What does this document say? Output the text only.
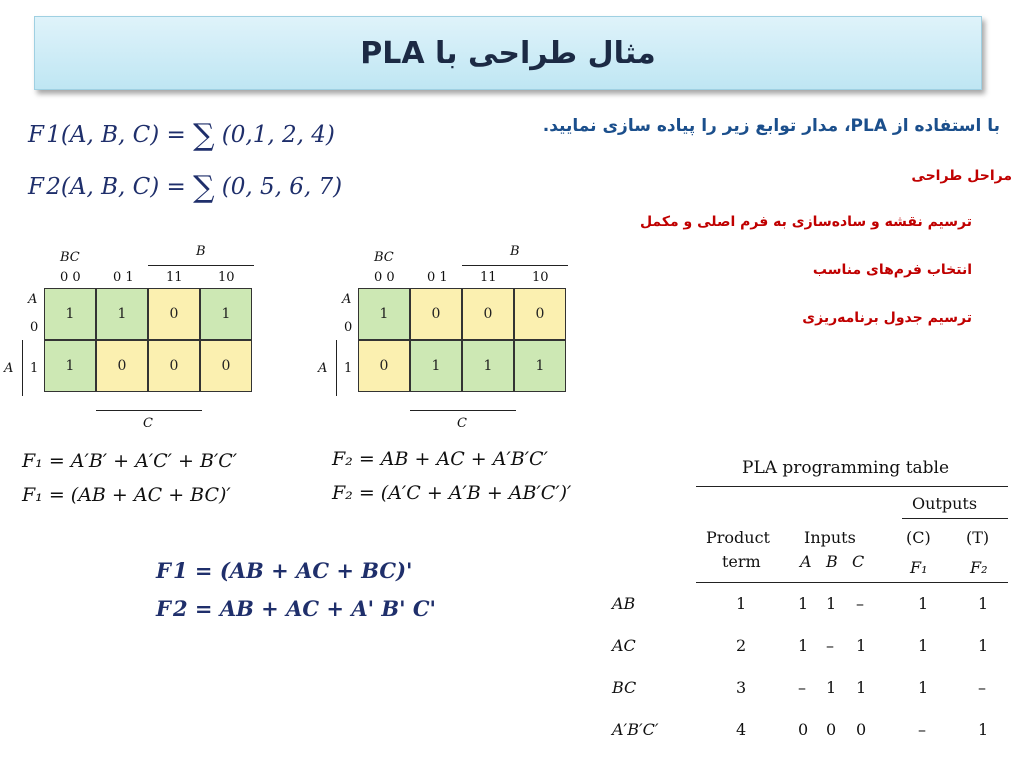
مثال طراحی با PLA
با استفاده از PLA، مدار توابع زیر را پیاده سازی نمایید.
مراحل طراحی
ترسیم نقشه و ساده‌سازی به فرم اصلی و مکمل
انتخاب فرم‌های مناسب
ترسیم جدول برنامه‌ریزی
F 1(A, B, C) = ∑ (0,1, 2, 4)
F 2(A, B, C) = ∑ (0, 5, 6, 7)
BC	B
0 0 0 1 11	10
A
0
A 1
1	1	0	1
1	0	0	0
C
BC	B
0 0 0 1 11	10
A
0
A 1
1	0	0	0
0	1	1	1
C
F₁ = A′B′ + A′C′ + B′C′
F₁ = (AB + AC + BC)′
F₂ = AB + AC + A′B′C′
F₂ = (A′C + A′B + AB′C′)′
F 1 = (AB + AC + BC)'
F 2 = AB + AC + A' B' C'
PLA programming table
Outputs
Product
term
Inputs
A B C
(C) (T)
F₁	F₂
AB	1	1 1 –	1	1
AC	2	1 – 1	1	1
BC	3	– 1 1	1	–
A′B′C′	4	0 0 0	–	1
